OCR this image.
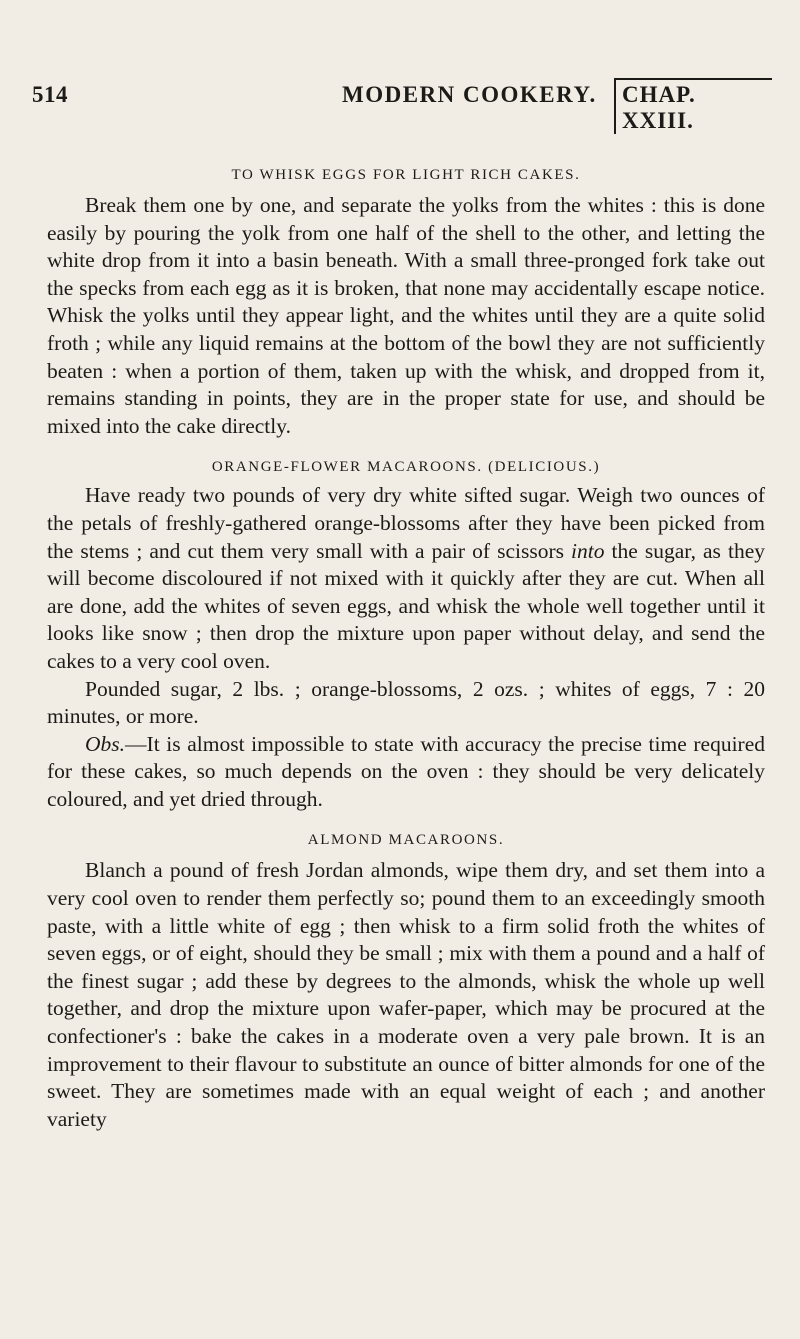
514	MODERN COOKERY.	CHAP. XXIII.
TO WHISK EGGS FOR LIGHT RICH CAKES.

Break them one by one, and separate the yolks from the whites : this is done easily by pouring the yolk from one half of the shell to the other, and letting the white drop from it into a basin beneath. With a small three-pronged fork take out the specks from each egg as it is broken, that none may accidentally escape notice. Whisk the yolks until they appear light, and the whites until they are a quite solid froth ; while any liquid remains at the bottom of the bowl they are not sufficiently beaten : when a portion of them, taken up with the whisk, and dropped from it, remains standing in points, they are in the proper state for use, and should be mixed into the cake directly.

ORANGE-FLOWER MACAROONS. (DELICIOUS.)

Have ready two pounds of very dry white sifted sugar. Weigh two ounces of the petals of freshly-gathered orange-blossoms after they have been picked from the stems ; and cut them very small with a pair of scissors into the sugar, as they will become discoloured if not mixed with it quickly after they are cut. When all are done, add the whites of seven eggs, and whisk the whole well together until it looks like snow ; then drop the mixture upon paper without delay, and send the cakes to a very cool oven.

Pounded sugar, 2 lbs. ; orange-blossoms, 2 ozs. ; whites of eggs, 7 : 20 minutes, or more.

Obs.—It is almost impossible to state with accuracy the precise time required for these cakes, so much depends on the oven : they should be very delicately coloured, and yet dried through.

ALMOND MACAROONS.

Blanch a pound of fresh Jordan almonds, wipe them dry, and set them into a very cool oven to render them perfectly so; pound them to an exceedingly smooth paste, with a little white of egg ; then whisk to a firm solid froth the whites of seven eggs, or of eight, should they be small ; mix with them a pound and a half of the finest sugar ; add these by degrees to the almonds, whisk the whole up well together, and drop the mixture upon wafer-paper, which may be procured at the confectioner's : bake the cakes in a moderate oven a very pale brown. It is an improvement to their flavour to substitute an ounce of bitter almonds for one of the sweet. They are sometimes made with an equal weight of each ; and another variety
